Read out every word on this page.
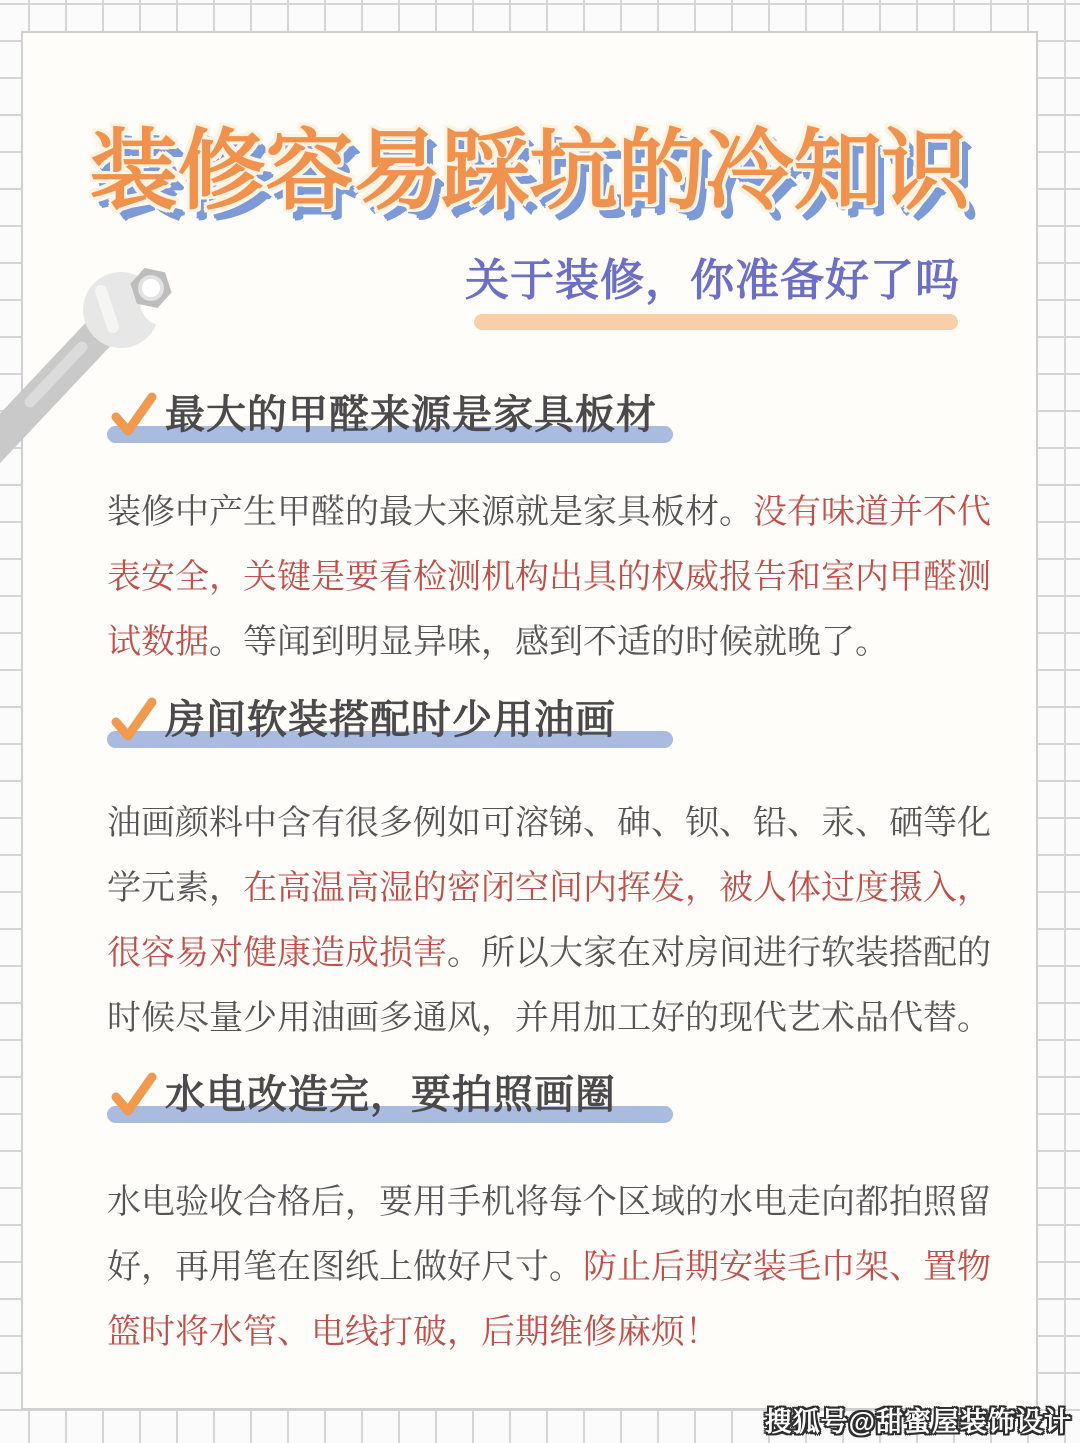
装修容易踩坑的冷知识
关于装修，你准备好了吗
最大的甲醛来源是家具板材

装修中产生甲醛的最大来源就是家具板材。没有味道并不代表安全，关键是要看检测机构出具的权威报告和室内甲醛测试数据。等闻到明显异味，感到不适的时候就晚了。

房间软装搭配时少用油画

油画颜料中含有很多例如可溶锑、砷、钡、铅、汞、硒等化学元素，在高温高湿的密闭空间内挥发，被人体过度摄入，很容易对健康造成损害。所以大家在对房间进行软装搭配的时候尽量少用油画多通风，并用加工好的现代艺术品代替。

水电改造完，要拍照画圈

水电验收合格后，要用手机将每个区域的水电走向都拍照留好，再用笔在图纸上做好尺寸。防止后期安装毛巾架、置物篮时将水管、电线打破，后期维修麻烦！

搜狐号@甜蜜屋装饰设计
